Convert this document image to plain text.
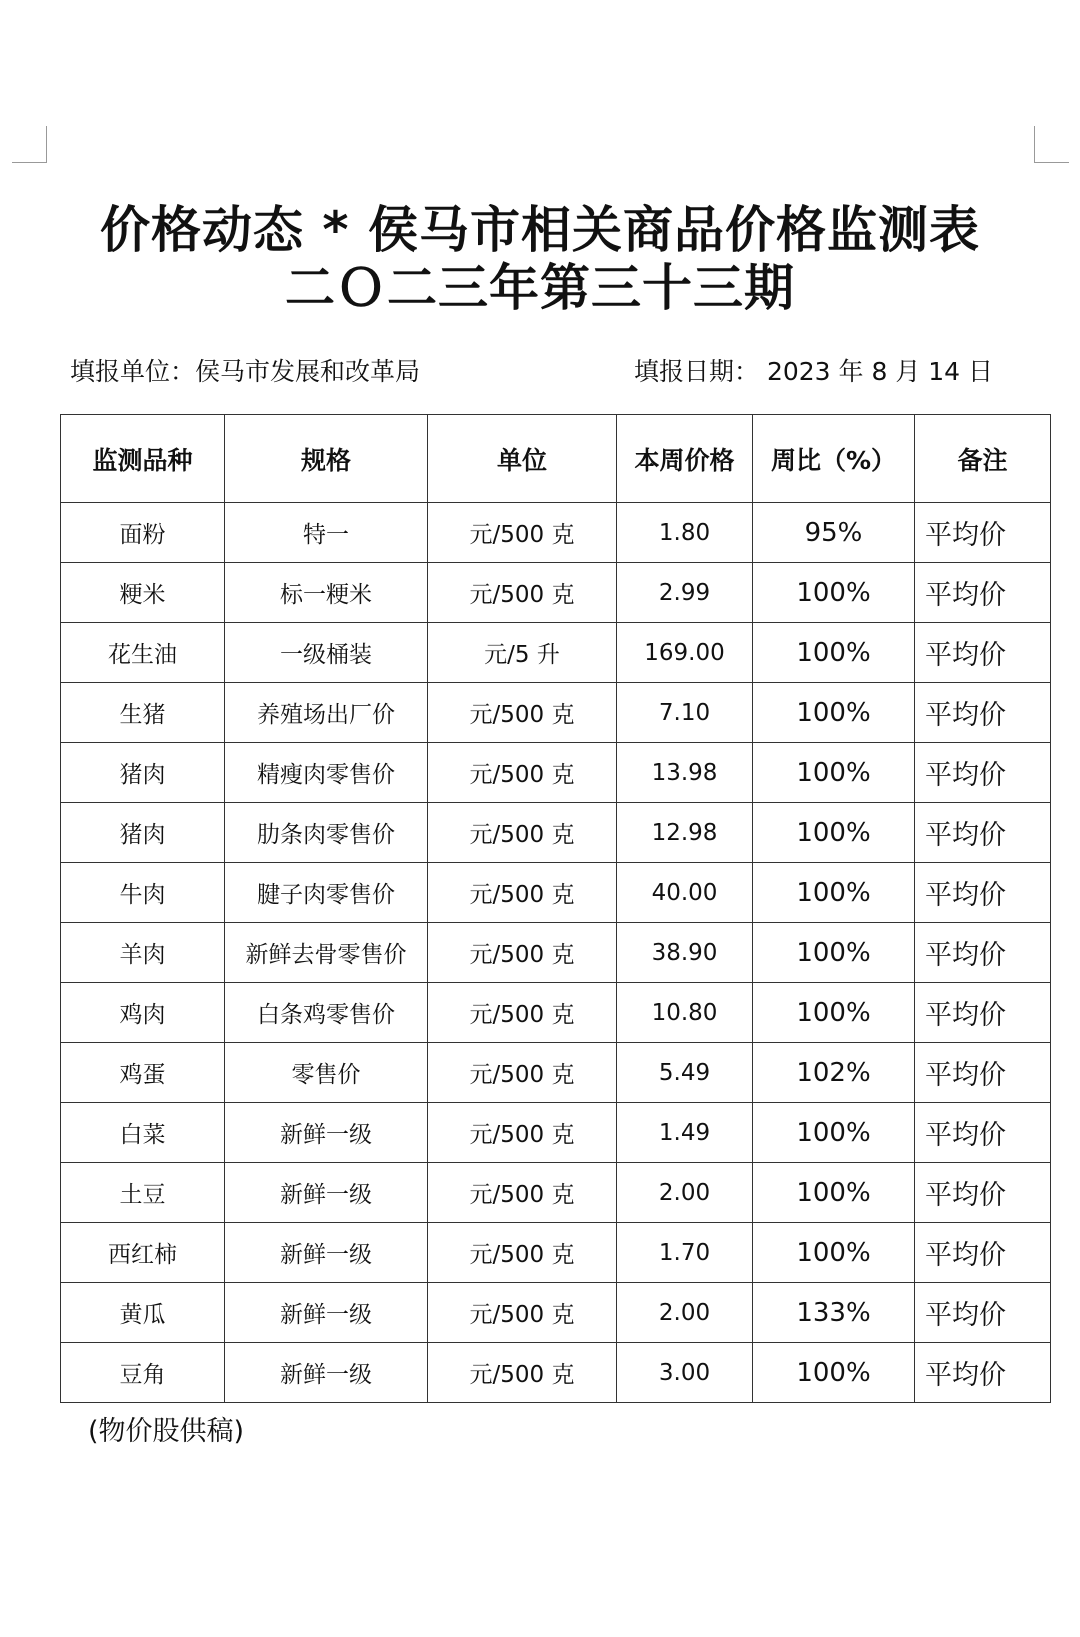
价格动态 * 侯马市相关商品价格监测表
二Ｏ二三年第三十三期
填报单位：侯马市发展和改革局	填报日期： 2023 年 8 月 14 日
监测品种	规格	单位	本周价格	周比（%）	备注
面粉	特一	元/500 克	1.80	95%	平均价
粳米	标一粳米	元/500 克	2.99	100%	平均价
花生油	一级桶装	元/5 升	169.00	100%	平均价
生猪	养殖场出厂价	元/500 克	7.10	100%	平均价
猪肉	精瘦肉零售价	元/500 克	13.98	100%	平均价
猪肉	肋条肉零售价	元/500 克	12.98	100%	平均价
牛肉	腱子肉零售价	元/500 克	40.00	100%	平均价
羊肉	新鲜去骨零售价	元/500 克	38.90	100%	平均价
鸡肉	白条鸡零售价	元/500 克	10.80	100%	平均价
鸡蛋	零售价	元/500 克	5.49	102%	平均价
白菜	新鲜一级	元/500 克	1.49	100%	平均价
土豆	新鲜一级	元/500 克	2.00	100%	平均价
西红柿	新鲜一级	元/500 克	1.70	100%	平均价
黄瓜	新鲜一级	元/500 克	2.00	133%	平均价
豆角	新鲜一级	元/500 克	3.00	100%	平均价
(物价股供稿)
